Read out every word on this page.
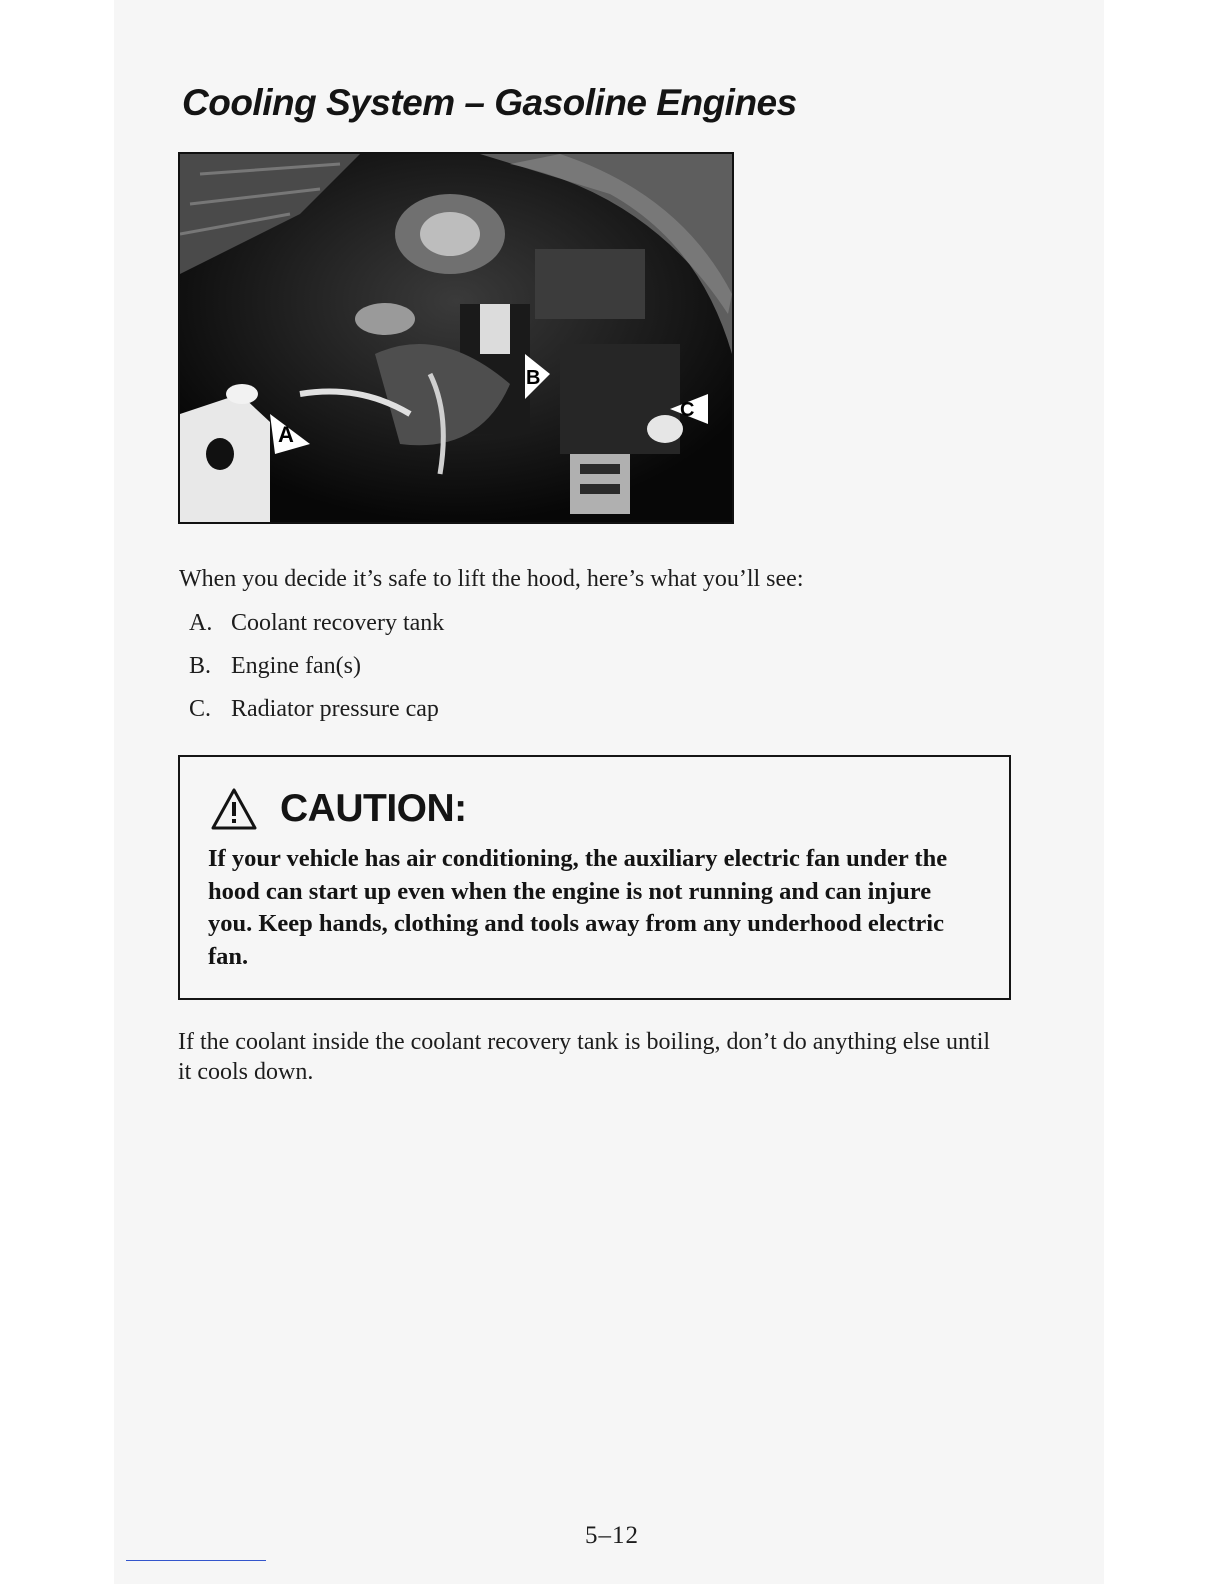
Cooling System – Gasoline Engines
A
B
C
When you decide it’s safe to lift the hood, here’s what you’ll see:
A. Coolant recovery tank
B. Engine fan(s)
C. Radiator pressure cap
CAUTION:
If your vehicle has air conditioning, the auxiliary electric fan under the hood can start up even when the engine is not running and can injure you. Keep hands, clothing and tools away from any underhood electric fan.
If the coolant inside the coolant recovery tank is boiling, don’t do anything else until it cools down.
5–12
